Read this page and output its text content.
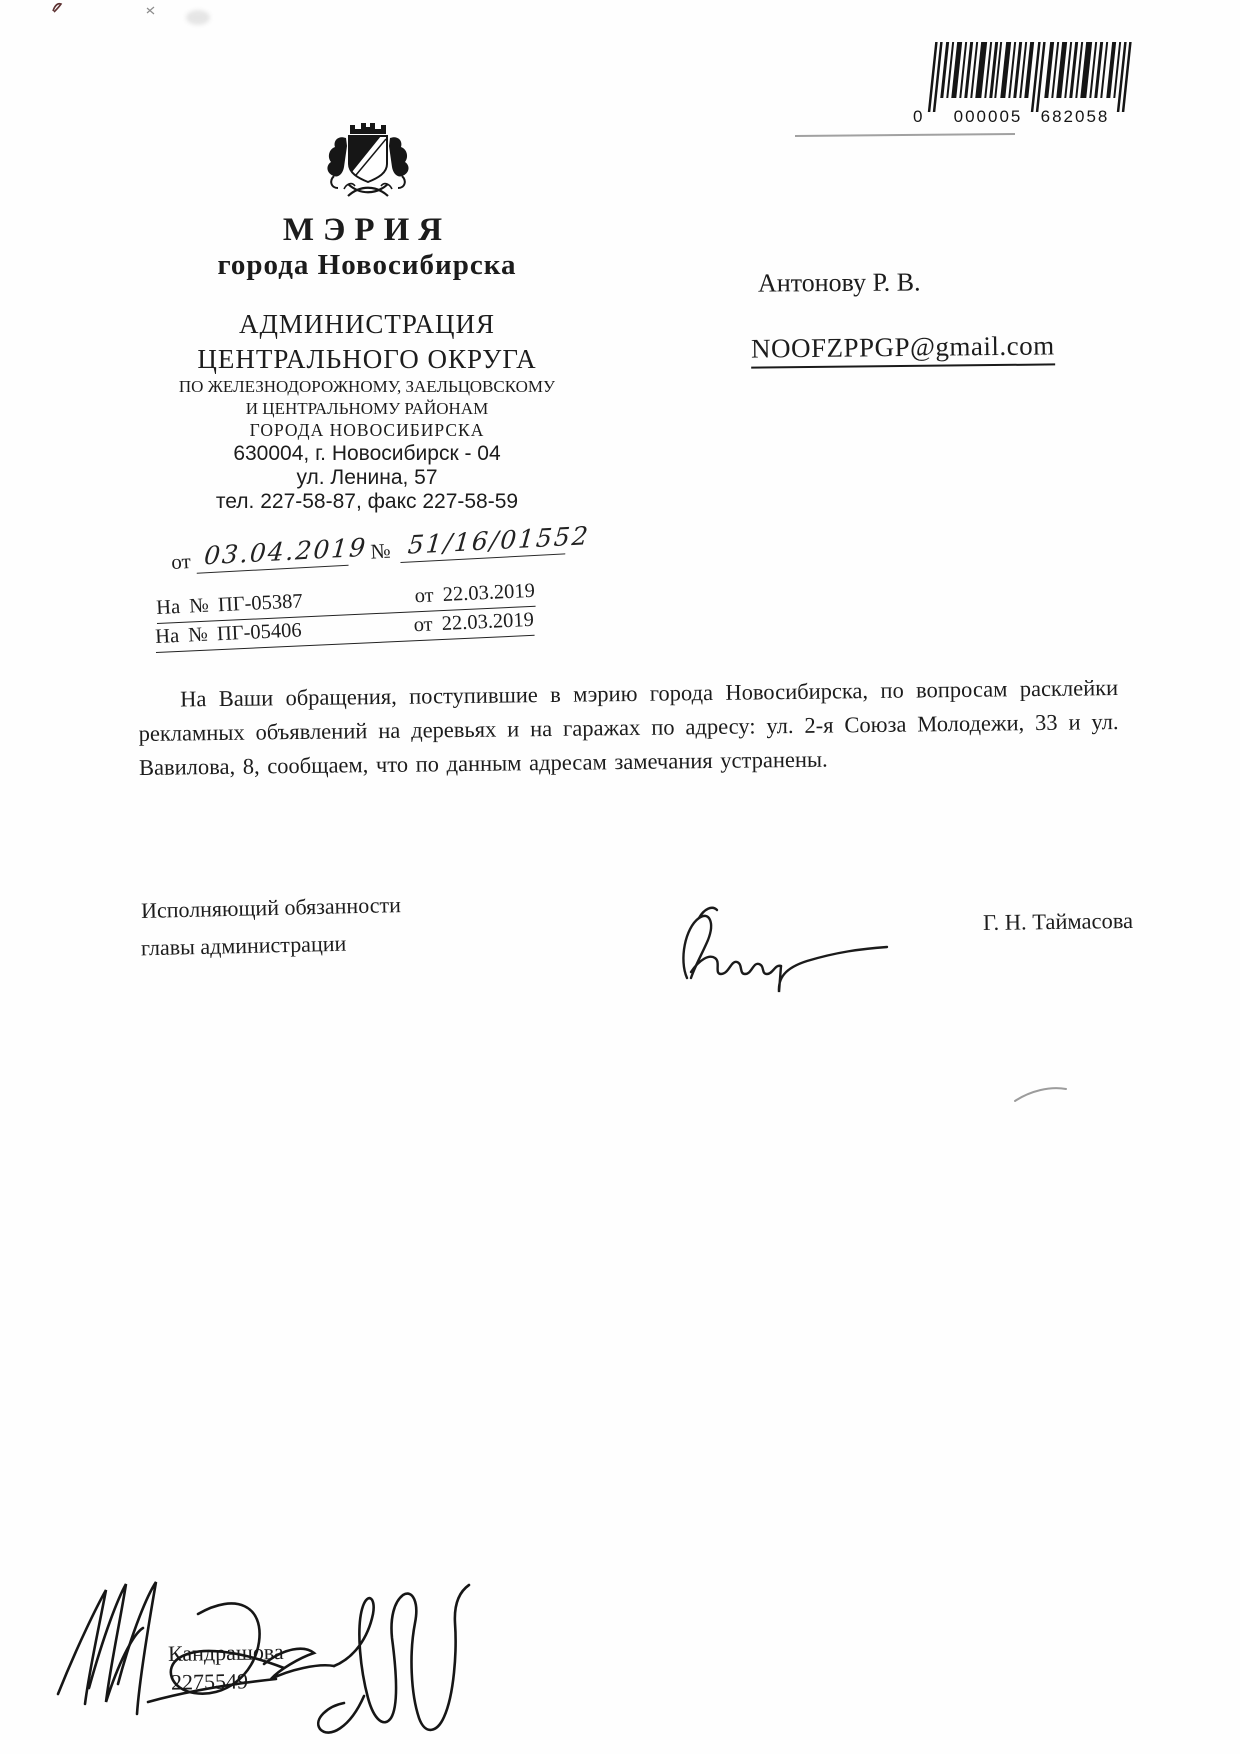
0 000005 682058
МЭРИЯ
города Новосибирска
АДМИНИСТРАЦИЯ
ЦЕНТРАЛЬНОГО ОКРУГА
ПО ЖЕЛЕЗНОДОРОЖНОМУ, ЗАЕЛЬЦОВСКОМУ
И ЦЕНТРАЛЬНОМУ РАЙОНАМ
ГОРОДА НОВОСИБИРСКА
630004, г. Новосибирск - 04
ул. Ленина, 57
тел. 227-58-87, факс 227-58-59
от 03.04.2019 № 51/16/01552
На № ПГ-05387	от 22.03.2019
На № ПГ-05406	от 22.03.2019
Антонову Р. В.
NOOFZPPGP@gmail.com
На Ваши обращения, поступившие в мэрию города Новосибирска, по вопросам расклейки рекламных объявлений на деревьях и на гаражах по адресу: ул. 2-я Союза Молодежи, 33 и ул. Вавилова, 8, сообщаем, что по данным адресам замечания устранены.
Исполняющий обязанности
главы администрации
Г. Н. Таймасова
Кандрашова
2275549
